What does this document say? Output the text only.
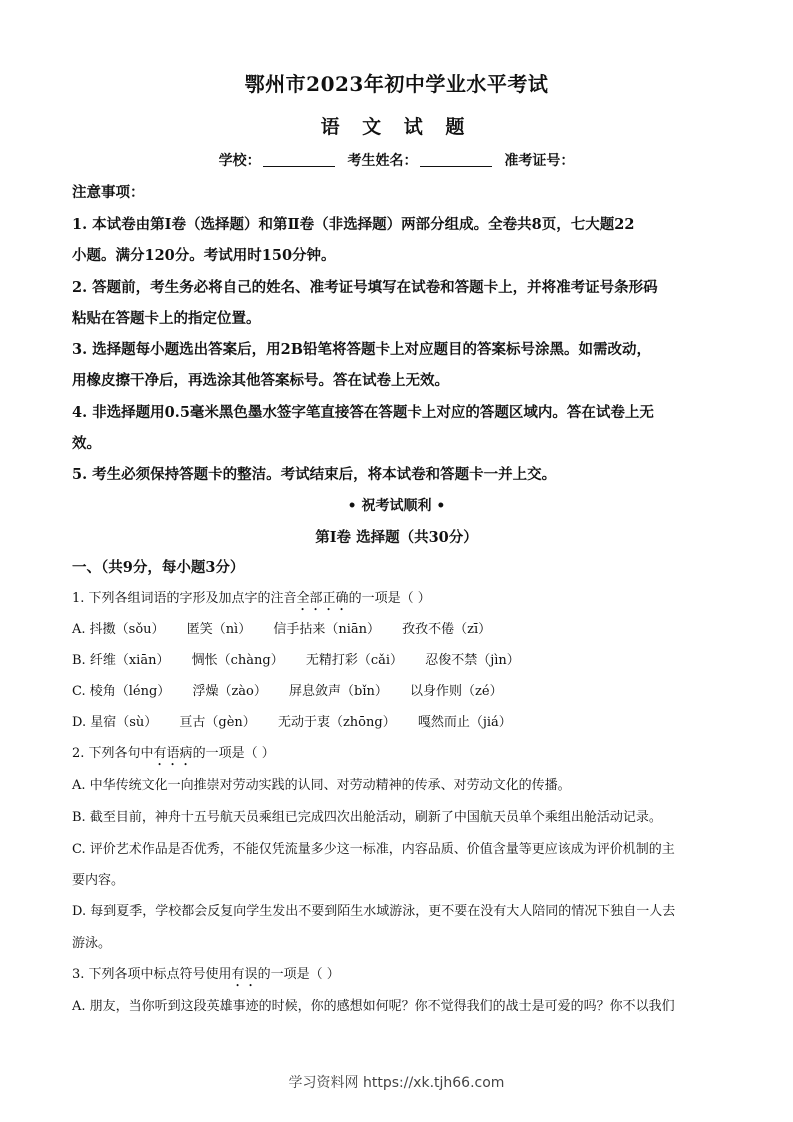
鄂州市2023年初中学业水平考试
语 文 试 题
学校：	考生姓名：	准考证号：
注意事项：
1. 本试卷由第Ⅰ卷（选择题）和第Ⅱ卷（非选择题）两部分组成。全卷共8页，七大题22
小题。满分120分。考试用时150分钟。
2. 答题前，考生务必将自己的姓名、准考证号填写在试卷和答题卡上，并将准考证号条形码
粘贴在答题卡上的指定位置。
3. 选择题每小题选出答案后，用2B铅笔将答题卡上对应题目的答案标号涂黑。如需改动，
用橡皮擦干净后，再选涂其他答案标号。答在试卷上无效。
4. 非选择题用0.5毫米黑色墨水签字笔直接答在答题卡上对应的答题区域内。答在试卷上无
效。
5. 考生必须保持答题卡的整洁。考试结束后，将本试卷和答题卡一并上交。
• 祝考试顺利 •
第Ⅰ卷 选择题（共30分）
一、（共9分，每小题3分）
1. 下列各组词语的字形及加点字的注音全部正确的一项是（ ）
A. 抖擞（sǒu） 匿笑（nì） 信手拈来（niān） 孜孜不倦（zī）
B. 纤维（xiān） 惆怅（chàng） 无精打彩（cǎi） 忍俊不禁（jìn）
C. 棱角（léng） 浮燥（zào） 屏息敛声（bǐn） 以身作则（zé）
D. 星宿（sù） 亘古（gèn） 无动于衷（zhōng） 嘎然而止（jiá）
2. 下列各句中有语病的一项是（ ）
A. 中华传统文化一向推崇对劳动实践的认同、对劳动精神的传承、对劳动文化的传播。
B. 截至目前，神舟十五号航天员乘组已完成四次出舱活动，刷新了中国航天员单个乘组出舱活动记录。
C. 评价艺术作品是否优秀，不能仅凭流量多少这一标准，内容品质、价值含量等更应该成为评价机制的主
要内容。
D. 每到夏季，学校都会反复向学生发出不要到陌生水域游泳，更不要在没有大人陪同的情况下独自一人去
游泳。
3. 下列各项中标点符号使用有误的一项是（ ）
A. 朋友，当你听到这段英雄事迹的时候，你的感想如何呢？你不觉得我们的战士是可爱的吗？你不以我们
学习资料网 https://xk.tjh66.com
